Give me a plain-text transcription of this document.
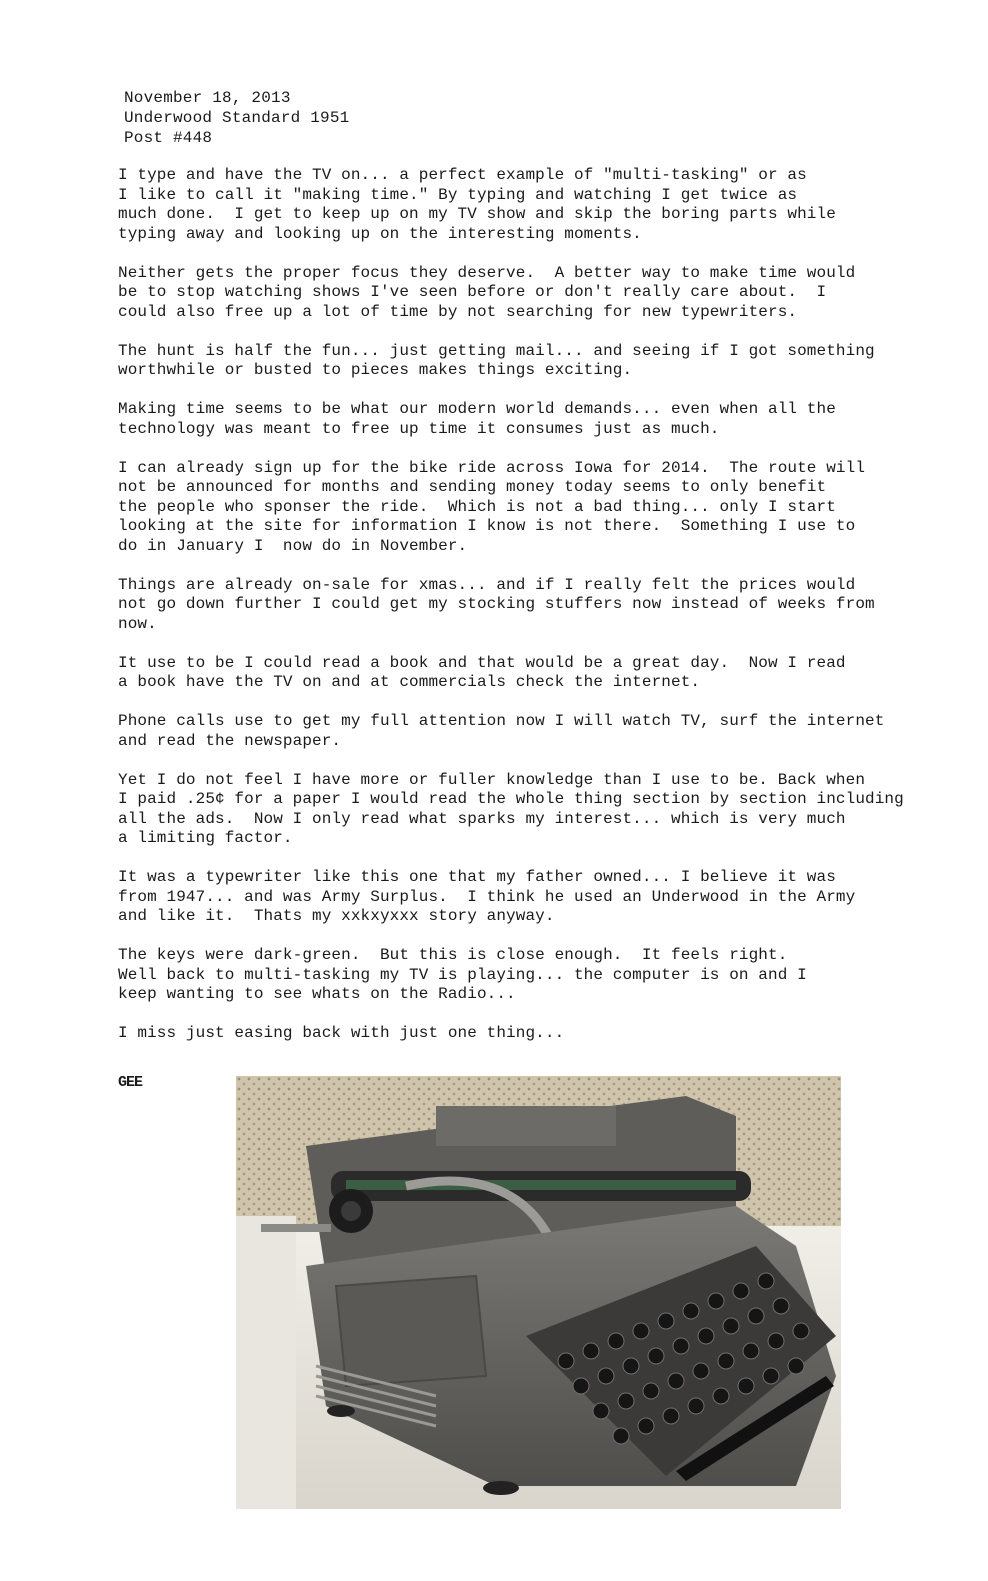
November 18, 2013
Underwood Standard 1951
Post #448
I type and have the TV on... a perfect example of "multi-tasking" or as
I like to call it "making time." By typing and watching I get twice as
much done.  I get to keep up on my TV show and skip the boring parts while
typing away and looking up on the interesting moments.
Neither gets the proper focus they deserve.  A better way to make time would
be to stop watching shows I've seen before or don't really care about.  I
could also free up a lot of time by not searching for new typewriters.
The hunt is half the fun... just getting mail... and seeing if I got something
worthwhile or busted to pieces makes things exciting.
Making time seems to be what our modern world demands... even when all the
technology was meant to free up time it consumes just as much.
I can already sign up for the bike ride across Iowa for 2014.  The route will
not be announced for months and sending money today seems to only benefit
the people who sponser the ride.  Which is not a bad thing... only I start
looking at the site for information I know is not there.  Something I use to
do in January I  now do in November.
Things are already on-sale for xmas... and if I really felt the prices would
not go down further I could get my stocking stuffers now instead of weeks from
now.
It use to be I could read a book and that would be a great day.  Now I read
a book have the TV on and at commercials check the internet.
Phone calls use to get my full attention now I will watch TV, surf the internet
and read the newspaper.
Yet I do not feel I have more or fuller knowledge than I use to be. Back when
I paid .25¢ for a paper I would read the whole thing section by section including
all the ads.  Now I only read what sparks my interest... which is very much
a limiting factor.
It was a typewriter like this one that my father owned... I believe it was
from 1947... and was Army Surplus.  I think he used an Underwood in the Army
and like it.  Thats my xxkxyxxx story anyway.
The keys were dark-green.  But this is close enough.  It feels right.
Well back to multi-tasking my TV is playing... the computer is on and I
keep wanting to see whats on the Radio...
I miss just easing back with just one thing...
GEE
